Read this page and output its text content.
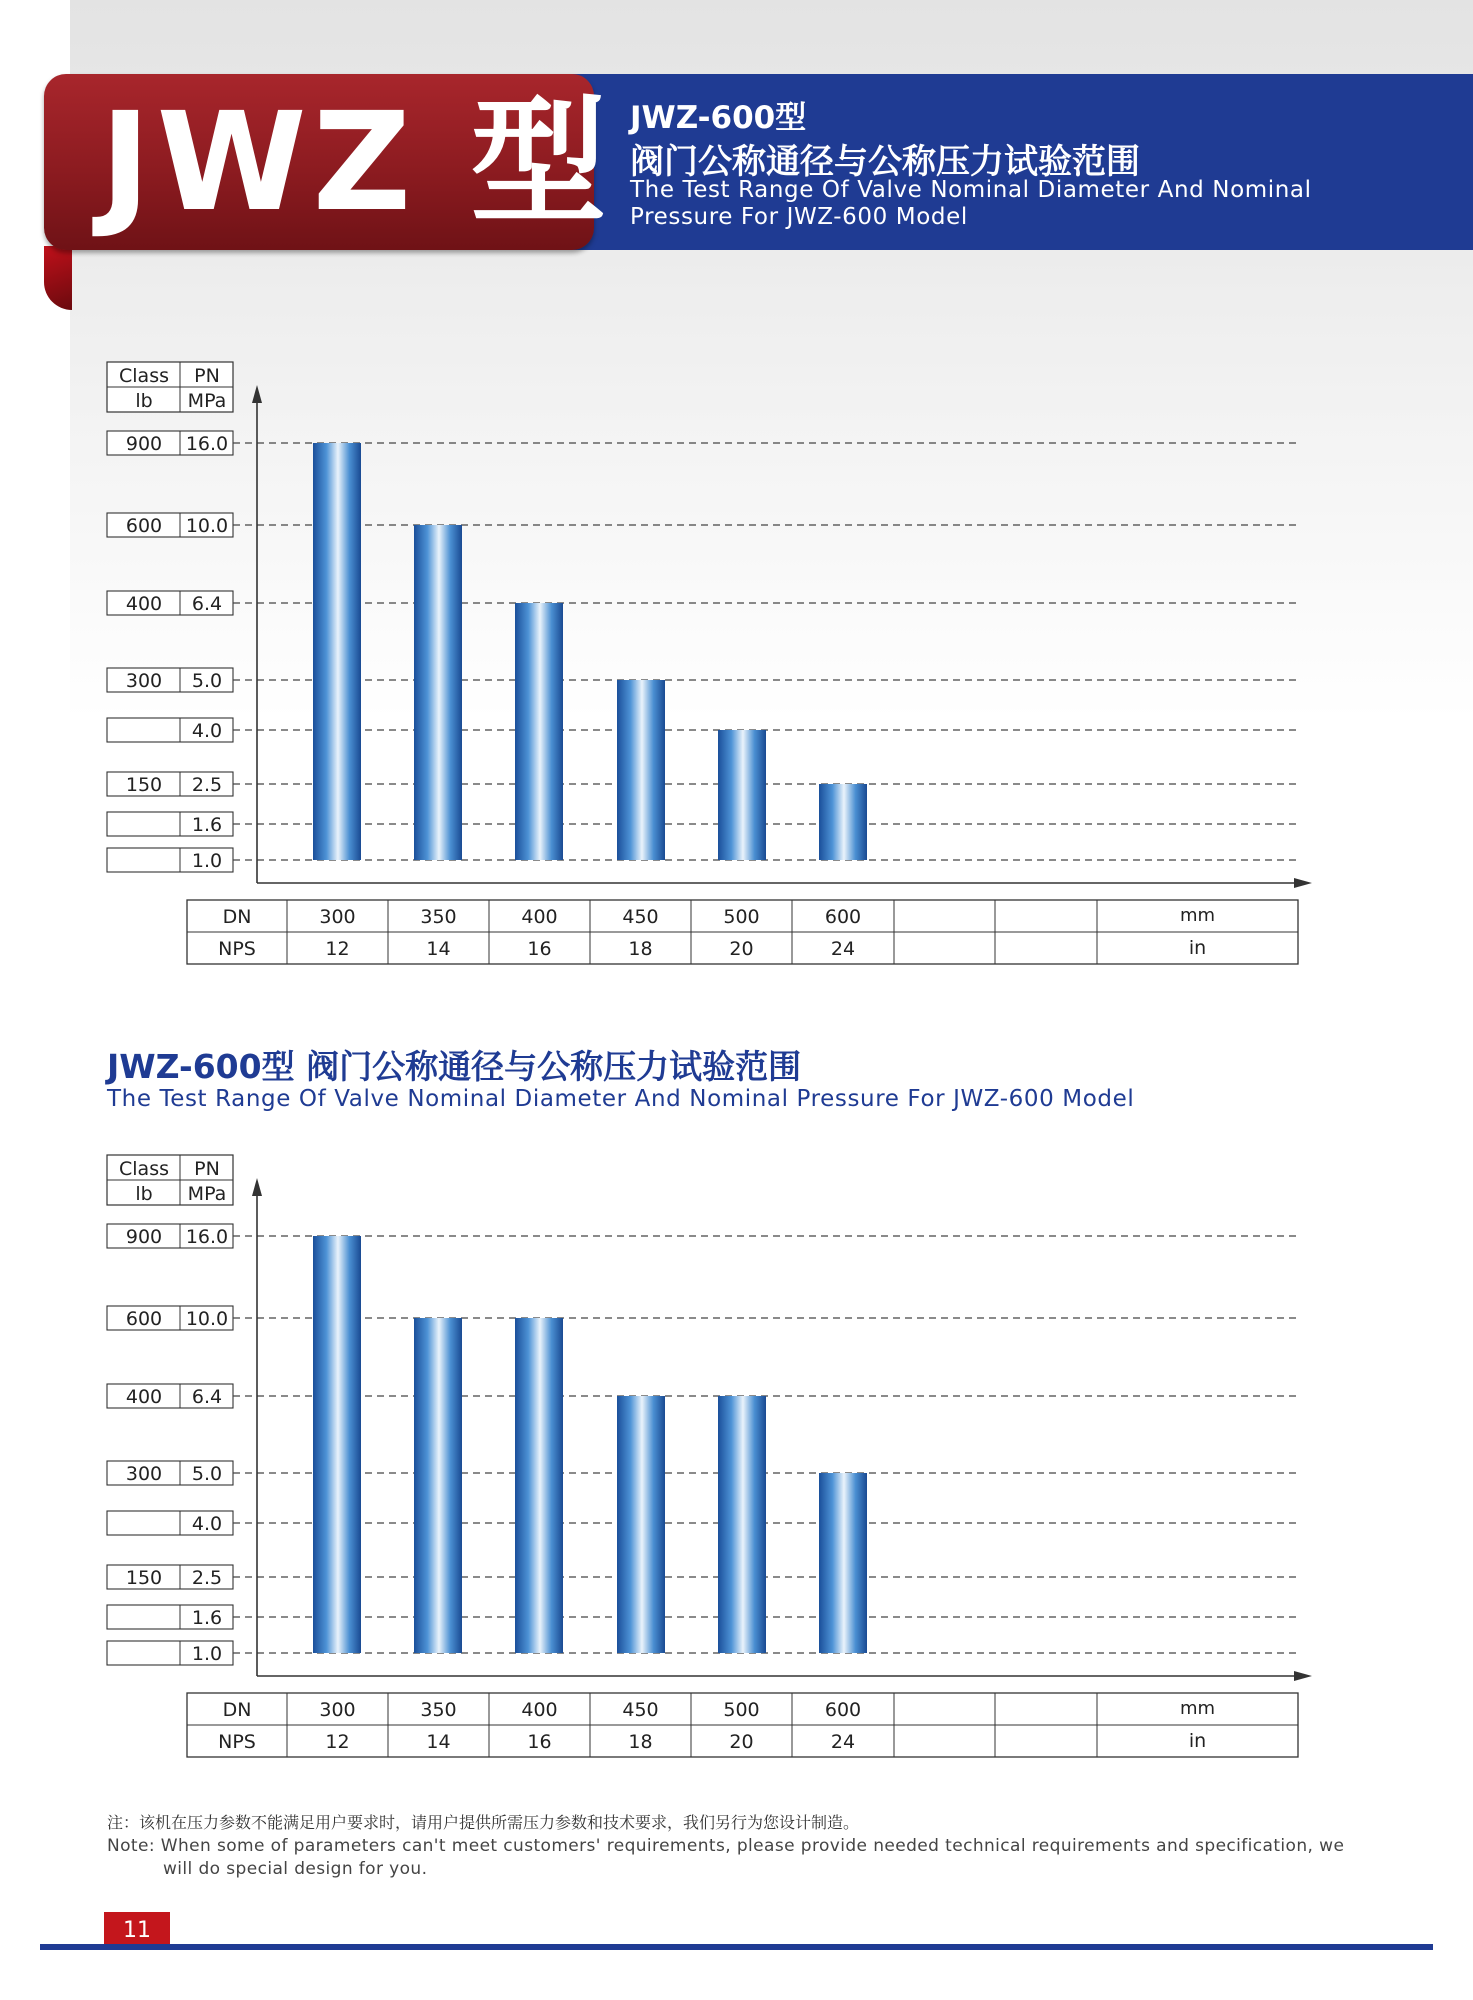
JWZ 型 JWZ-600型
阀门公称通径与公称压力试验范围
The Test Range Of Valve Nominal Diameter And Nominal
Pressure For JWZ-600 Model
Class PN
lb MPa
900 16.0
600 10.0
400 6.4
300 5.0
4.0
150 2.5
1.6
1.0
DN
NPS
300
12
350
14
400
16
450
18
500
20
600
24
mm
in
JWZ-600型 阀门公称通径与公称压力试验范围
The Test Range Of Valve Nominal Diameter And Nominal Pressure For JWZ-600 Model
Class PN
lb MPa
900 16.0
600 10.0
400 6.4
300 5.0
4.0
150 2.5
1.6
1.0
DN
NPS
300
12
350
14
400
16
450
18
500
20
600
24
mm
in
注：该机在压力参数不能满足用户要求时，请用户提供所需压力参数和技术要求，我们另行为您设计制造。
Note: When some of parameters can't meet customers' requirements, please provide needed technical requirements and specification, we
will do special design for you.
11
